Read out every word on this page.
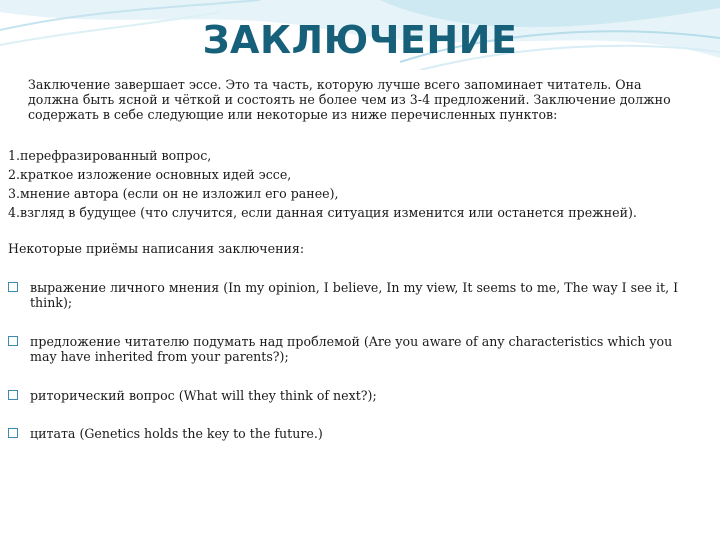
ЗАКЛЮЧЕНИЕ
Заключение завершает эссе. Это та часть, которую лучше всего запоминает читатель. Она должна быть ясной и чёткой и состоять не более чем из 3-4 предложений. Заключение должно содержать в себе следующие или некоторые из ниже перечисленных пунктов:
1.перефразированный вопрос,
2.краткое изложение основных идей эссе,
3.мнение автора (если он не изложил его ранее),
4.взгляд в будущее (что случится, если данная ситуация изменится или останется прежней).
Некоторые приёмы написания заключения:
выражение личного мнения (In my opinion, I believe, In my view, It seems to me, The way I see it, I think);
предложение читателю подумать над проблемой (Are you aware of any characteristics which you may have inherited from your parents?);
риторический вопрос (What will they think of next?);
цитата (Genetics holds the key to the future.)
